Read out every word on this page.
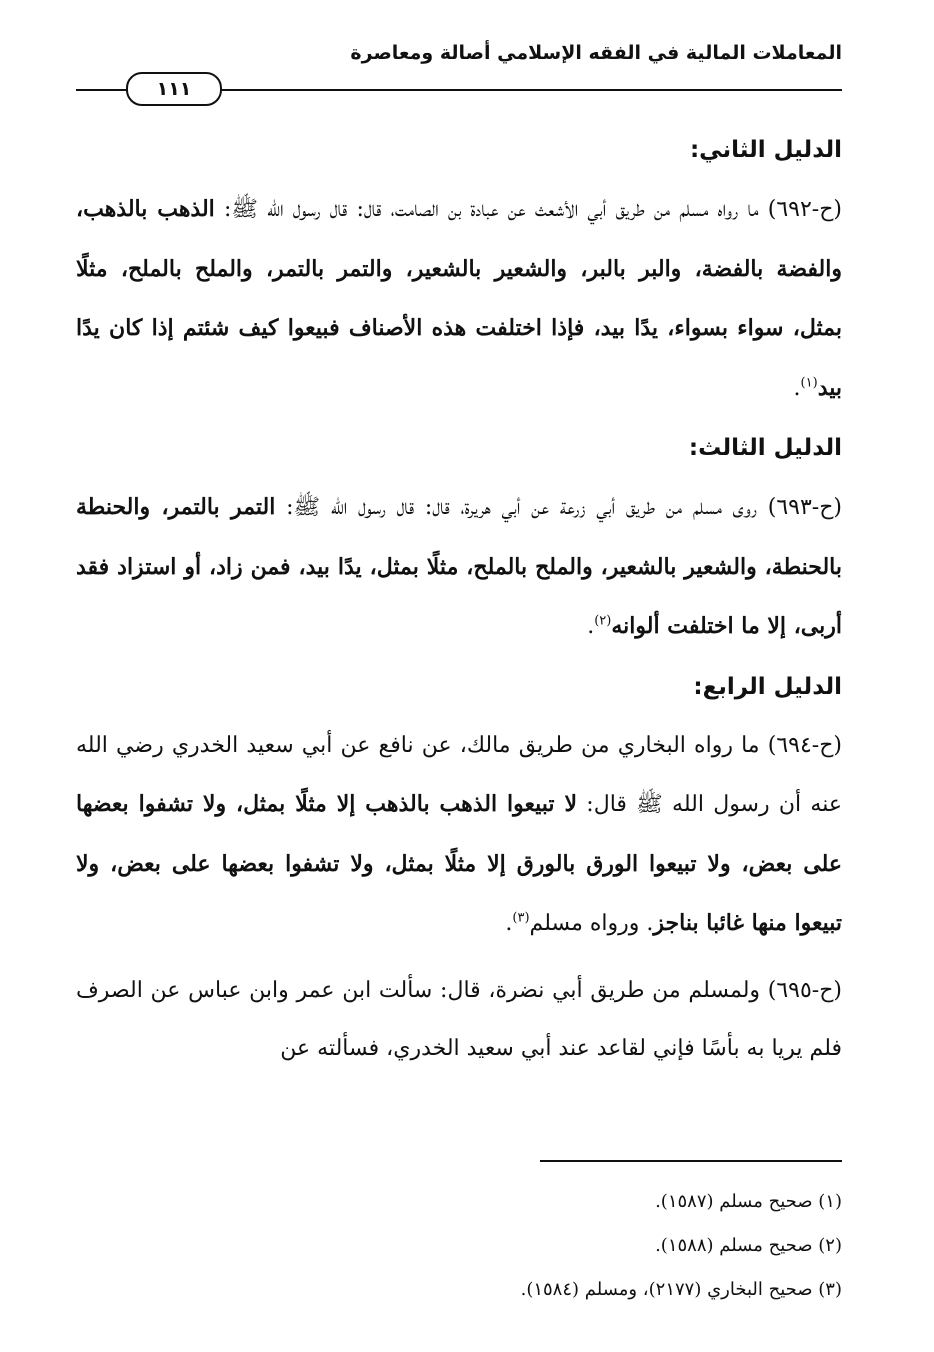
المعاملات المالية في الفقه الإسلامي أصالة ومعاصرة
١١١

الدليل الثاني:

(ح-٦٩٢) ما رواه مسلم من طريق أبي الأشعث عن عبادة بن الصامت، قال: قال رسول الله ﷺ: الذهب بالذهب، والفضة بالفضة، والبر بالبر، والشعير بالشعير، والتمر بالتمر، والملح بالملح، مثلًا بمثل، سواء بسواء، يدًا بيد، فإذا اختلفت هذه الأصناف فبيعوا كيف شئتم إذا كان يدًا بيد$^{(١)}$.

الدليل الثالث:

(ح-٦٩٣) روى مسلم من طريق أبي زرعة عن أبي هريرة، قال: قال رسول الله ﷺ: التمر بالتمر، والحنطة بالحنطة، والشعير بالشعير، والملح بالملح، مثلًا بمثل، يدًا بيد، فمن زاد، أو استزاد فقد أربى، إلا ما اختلفت ألوانه$^{(٢)}$.

الدليل الرابع:

(ح-٦٩٤) ما رواه البخاري من طريق مالك، عن نافع عن أبي سعيد الخدري رضي الله عنه أن رسول الله ﷺ قال: لا تبيعوا الذهب بالذهب إلا مثلًا بمثل، ولا تشفوا بعضها على بعض، ولا تبيعوا الورق بالورق إلا مثلًا بمثل، ولا تشفوا بعضها على بعض، ولا تبيعوا منها غائبا بناجز. ورواه مسلم$^{(٣)}$.

(ح-٦٩٥) ولمسلم من طريق أبي نضرة، قال: سألت ابن عمر وابن عباس عن الصرف فلم يريا به بأسًا فإني لقاعد عند أبي سعيد الخدري، فسألته عن

(١) صحيح مسلم (١٥٨٧).

(٢) صحيح مسلم (١٥٨٨).

(٣) صحيح البخاري (٢١٧٧)، ومسلم (١٥٨٤).
